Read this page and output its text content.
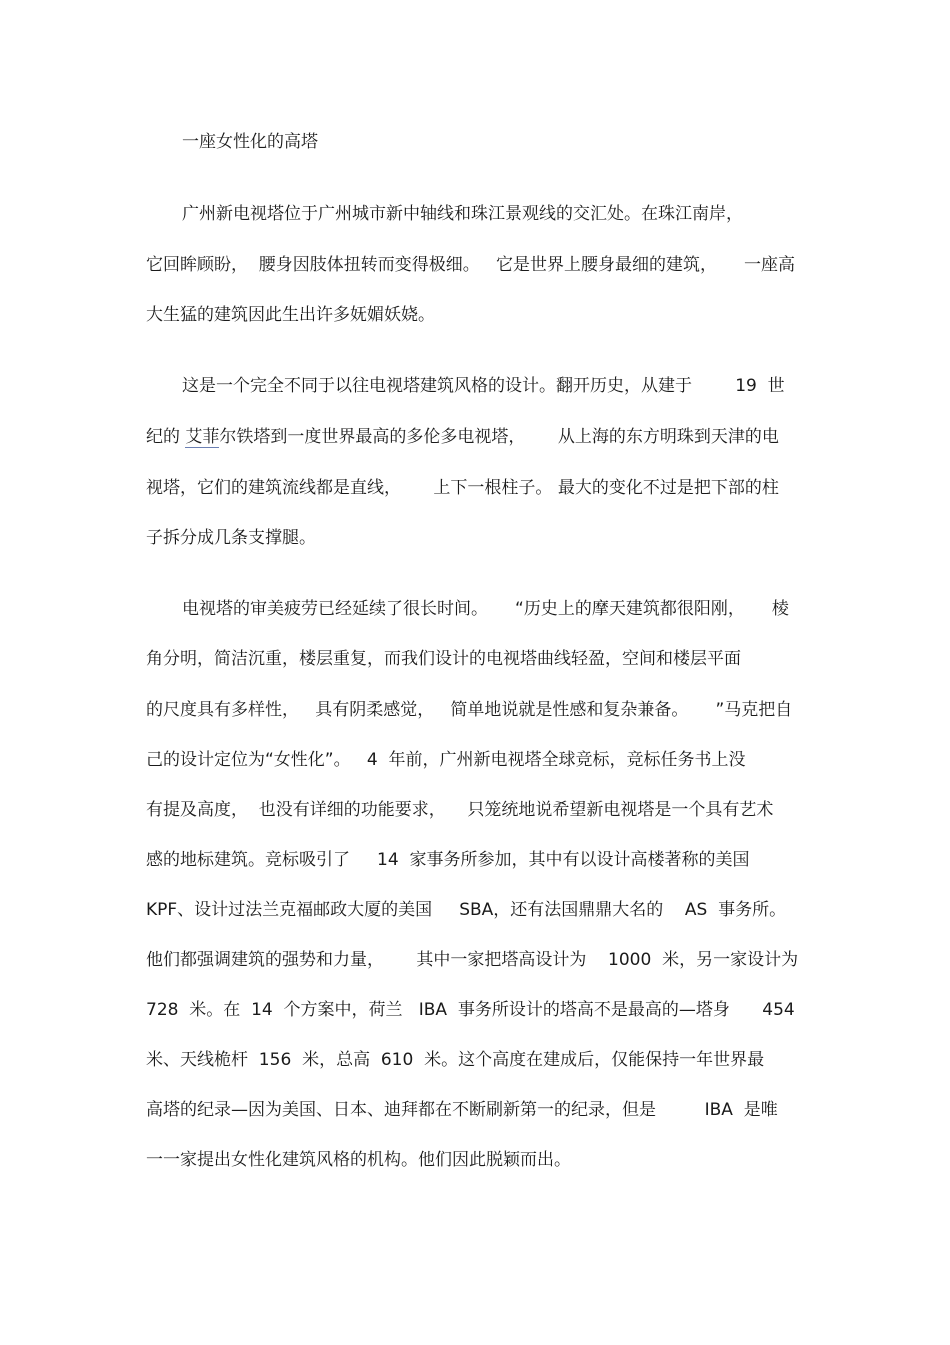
一座女性化的高塔
广州新电视塔位于广州城市新中轴线和珠江景观线的交汇处。在珠江南岸，
它回眸顾盼，  腰身因肢体扭转而变得极细。   它是世界上腰身最细的建筑，     一座高
大生猛的建筑因此生出许多妩媚妖娆。
这是一个完全不同于以往电视塔建筑风格的设计。翻开历史，从建于        19  世
纪的 艾菲尔铁塔到一度世界最高的多伦多电视塔，      从上海的东方明珠到天津的电
视塔，它们的建筑流线都是直线，      上下一根柱子。 最大的变化不过是把下部的柱
子拆分成几条支撑腿。
电视塔的审美疲劳已经延续了很长时间。     “历史上的摩天建筑都很阳刚，     棱
角分明，简洁沉重，楼层重复，而我们设计的电视塔曲线轻盈，空间和楼层平面
的尺度具有多样性，   具有阴柔感觉，   简单地说就是性感和复杂兼备。     ”马克把自
己的设计定位为“女性化”。   4  年前，广州新电视塔全球竞标，竞标任务书上没
有提及高度，  也没有详细的功能要求，    只笼统地说希望新电视塔是一个具有艺术
感的地标建筑。竞标吸引了     14  家事务所参加，其中有以设计高楼著称的美国
KPF、设计过法兰克福邮政大厦的美国     SBA，还有法国鼎鼎大名的    AS  事务所。
他们都强调建筑的强势和力量，      其中一家把塔高设计为    1000  米，另一家设计为
728  米。在  14  个方案中，荷兰   IBA  事务所设计的塔高不是最高的—塔身      454
米、天线桅杆  156  米，总高  610  米。这个高度在建成后，仅能保持一年世界最
高塔的纪录—因为美国、日本、迪拜都在不断刷新第一的纪录，但是         IBA  是唯
一一家提出女性化建筑风格的机构。他们因此脱颖而出。
